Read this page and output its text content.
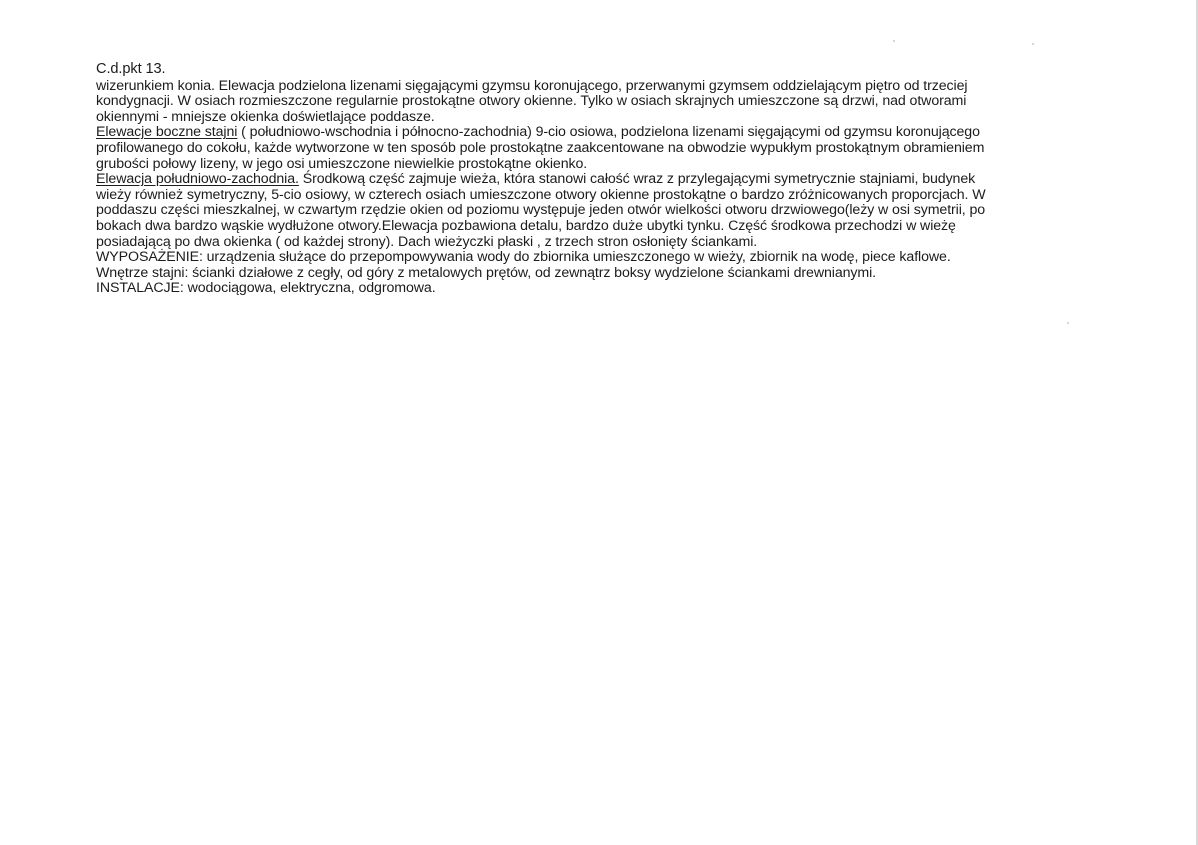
C.d.pkt 13.
wizerunkiem konia. Elewacja podzielona lizenami sięgającymi gzymsu koronującego, przerwanymi gzymsem oddzielającym piętro od trzeciej
kondygnacji. W osiach rozmieszczone regularnie prostokątne otwory okienne. Tylko w osiach skrajnych umieszczone są drzwi, nad otworami
okiennymi - mniejsze okienka doświetlające poddasze.
Elewacje boczne stajni ( południowo-wschodnia i północno-zachodnia) 9-cio osiowa, podzielona lizenami sięgającymi od gzymsu koronującego
profilowanego do cokołu, każde wytworzone w ten sposób pole prostokątne zaakcentowane na obwodzie wypukłym prostokątnym obramieniem
grubości połowy lizeny, w jego osi umieszczone niewielkie prostokątne okienko.
Elewacja południowo-zachodnia. Środkową część zajmuje wieża, która stanowi całość wraz z przylegającymi symetrycznie stajniami, budynek
wieży również symetryczny, 5-cio osiowy, w czterech osiach umieszczone otwory okienne prostokątne o bardzo zróżnicowanych proporcjach. W
poddaszu części mieszkalnej, w czwartym rzędzie okien od poziomu występuje jeden otwór wielkości otworu drzwiowego(leży w osi symetrii, po
bokach dwa bardzo wąskie wydłużone otwory.Elewacja pozbawiona detalu, bardzo duże ubytki tynku. Część środkowa przechodzi w wieżę
posiadającą po dwa okienka ( od każdej strony). Dach wieżyczki płaski , z trzech stron osłonięty ściankami.
WYPOSAŻENIE: urządzenia służące do przepompowywania wody do zbiornika umieszczonego w wieży, zbiornik na wodę, piece kaflowe.
Wnętrze stajni: ścianki działowe z cegły, od góry z metalowych prętów, od zewnątrz boksy wydzielone ściankami drewnianymi.
INSTALACJE: wodociągowa, elektryczna, odgromowa.
